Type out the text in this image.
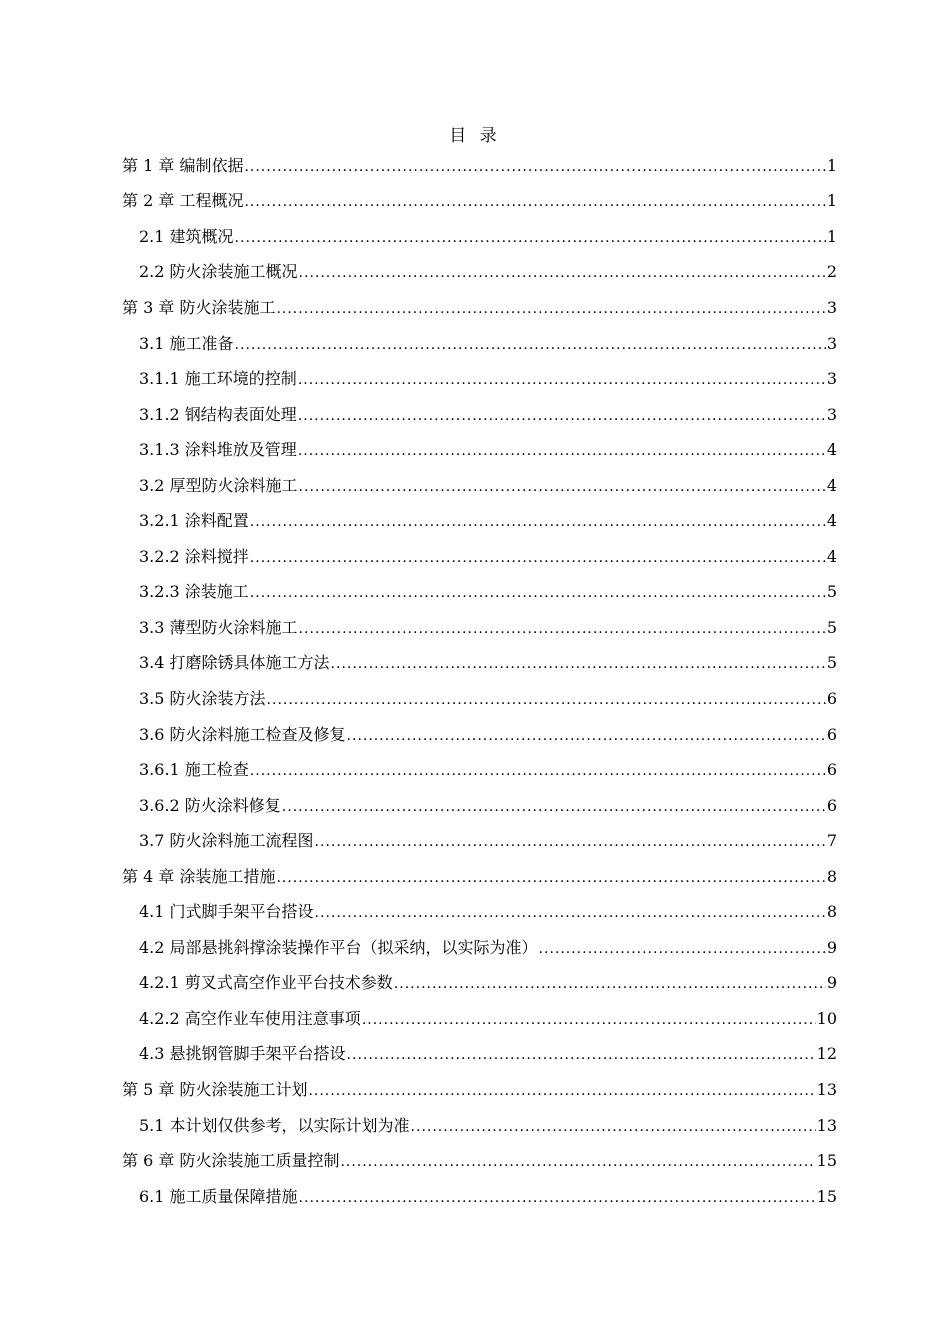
目 录
第 1 章 编制依据 .....	1
第 2 章 工程概况 .....	1
2.1 建筑概况 .....	1
2.2 防火涂装施工概况 .....	2
第 3 章 防火涂装施工 .....	3
3.1 施工准备 .....	3
3.1.1 施工环境的控制 .....	3
3.1.2 钢结构表面处理 .....	3
3.1.3 涂料堆放及管理 .....	4
3.2 厚型防火涂料施工 .....	4
3.2.1 涂料配置 .....	4
3.2.2 涂料搅拌 .....	4
3.2.3 涂装施工 .....	5
3.3 薄型防火涂料施工 .....	5
3.4 打磨除锈具体施工方法 .....	5
3.5 防火涂装方法 .....	6
3.6 防火涂料施工检查及修复 .....	6
3.6.1 施工检查 .....	6
3.6.2 防火涂料修复 .....	6
3.7 防火涂料施工流程图 .....	7
第 4 章 涂装施工措施 .....	8
4.1 门式脚手架平台搭设 .....	8
4.2 局部悬挑斜撑涂装操作平台（拟采纳，以实际为准） .....	9
4.2.1 剪叉式高空作业平台技术参数 .....	9
4.2.2 高空作业车使用注意事项 .....	10
4.3 悬挑钢管脚手架平台搭设 .....	12
第 5 章 防火涂装施工计划 .....	13
5.1 本计划仅供参考，以实际计划为准 .....	13
第 6 章 防火涂装施工质量控制 .....	15
6.1 施工质量保障措施 .....	15
